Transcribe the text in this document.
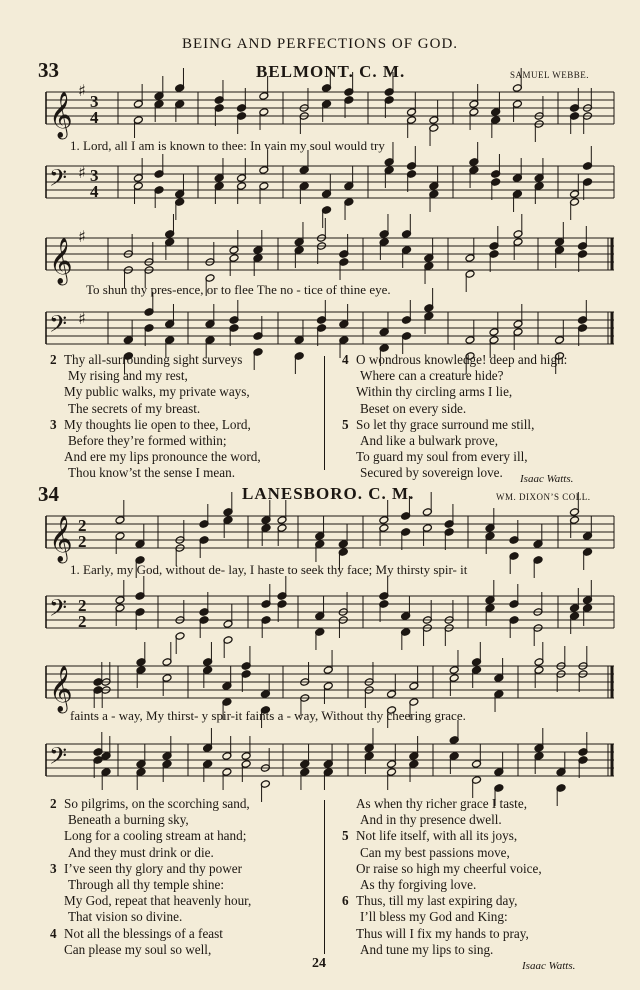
BEING AND PERFECTIONS OF GOD.
33	BELMONT. C. M.	SAMUEL WEBBE.
𝄞
♯
3
4
1. Lord, all I am is known to thee: In vain my soul would try
𝄢 ♯ 3
4
𝄞
♯
To shun thy pres-ence, or to flee The no - tice of thine eye.
𝄢 ♯
2 Thy all-surrounding sight surveys
My rising and my rest,
My public walks, my private ways,
The secrets of my breast.
3 My thoughts lie open to thee, Lord,
Before they’re formed within;
And ere my lips pronounce the word,
Thou know’st the sense I mean.
4 O wondrous knowledge! deep and high:
Where can a creature hide?
Within thy circling arms I lie,
Beset on every side.
5 So let thy grace surround me still,
And like a bulwark prove,
To guard my soul from every ill,
Secured by sovereign love.	Isaac Watts.
34	LANESBORO. C. M.	WM. DIXON’S COLL.
𝄞 2
2
1. Early, my God, without de- lay, I haste to seek thy face; My thirsty spir- it
𝄢 2
2
𝄞
faints a - way, My thirst- y spir-it faints a - way, Without thy cheering grace.
𝄢
2 So pilgrims, on the scorching sand,
Beneath a burning sky,
Long for a cooling stream at hand;
And they must drink or die.
3 I’ve seen thy glory and thy power
Through all thy temple shine:
My God, repeat that heavenly hour,
That vision so divine.
4 Not all the blessings of a feast
Can please my soul so well,
As when thy richer grace I taste,
And in thy presence dwell.
5 Not life itself, with all its joys,
Can my best passions move,
Or raise so high my cheerful voice,
As thy forgiving love.
6 Thus, till my last expiring day,
I’ll bless my God and King:
Thus will I fix my hands to pray,
And tune my lips to sing.
Isaac Watts.
24
